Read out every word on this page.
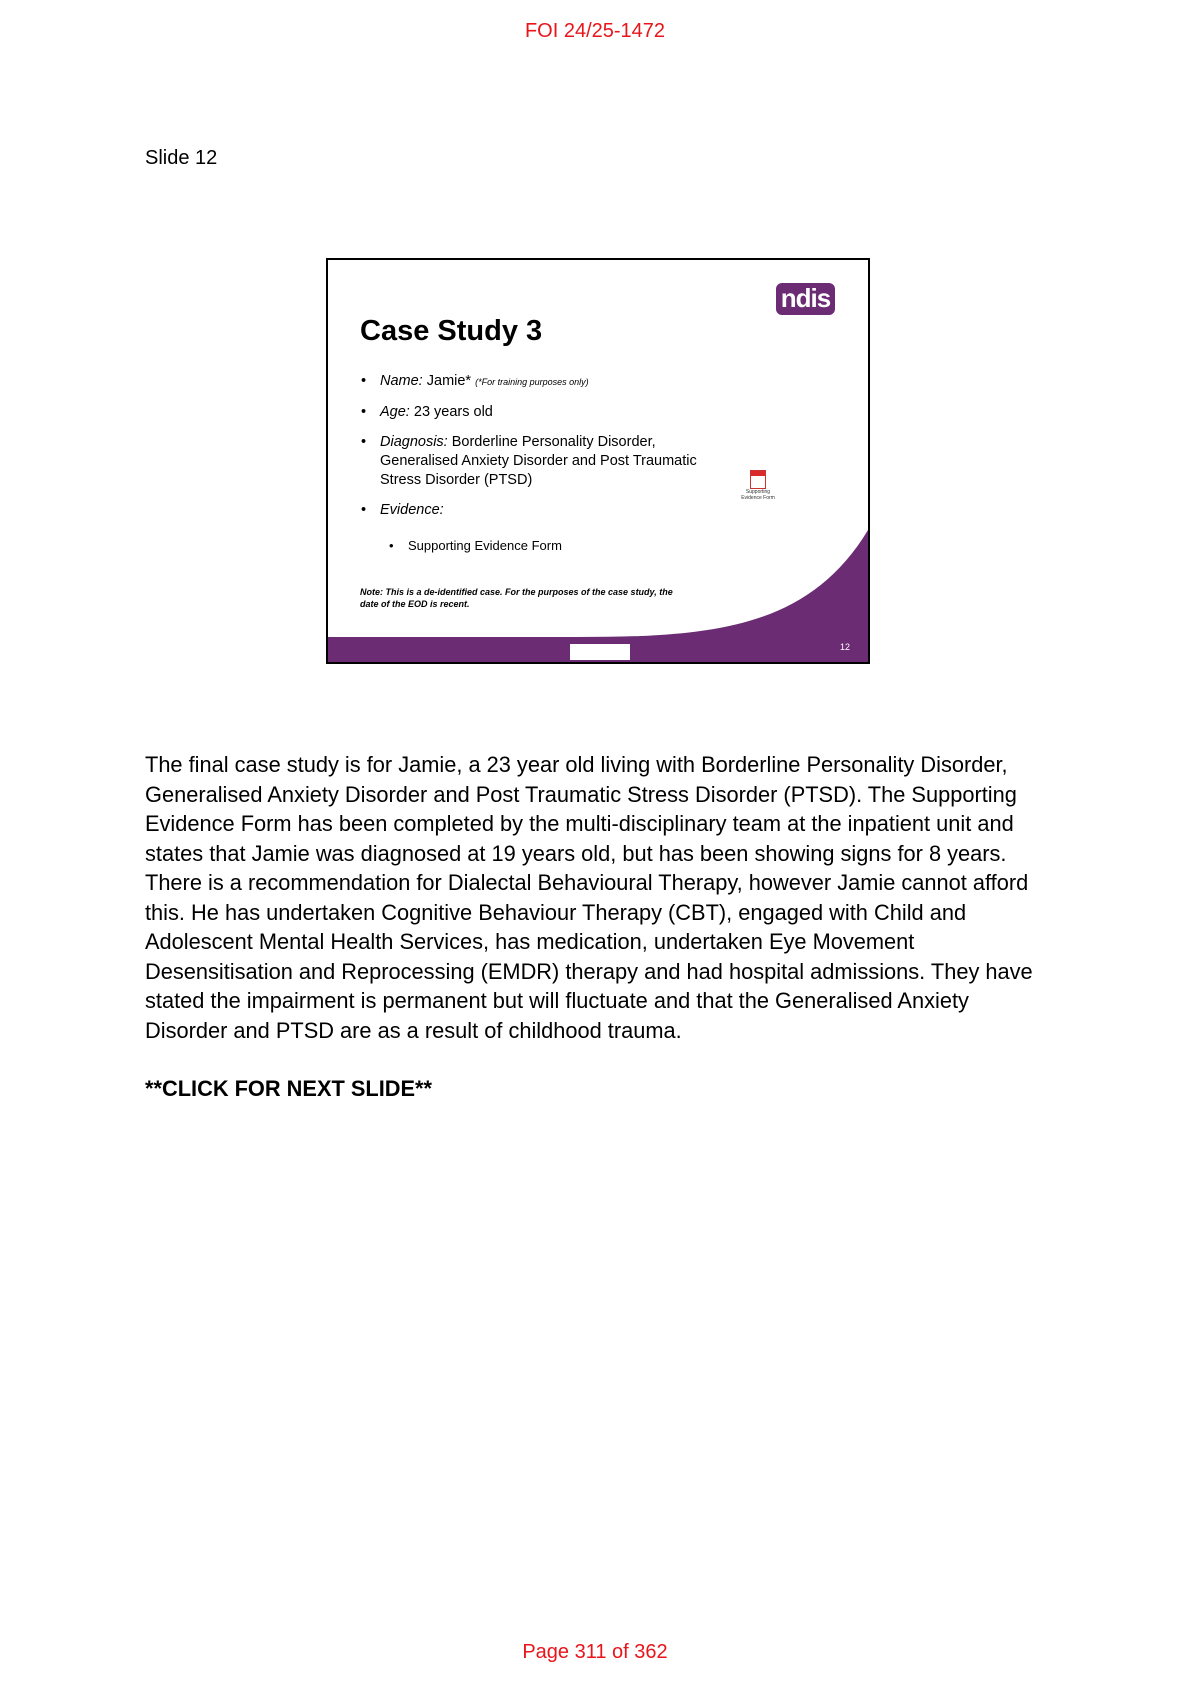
FOI 24/25-1472
Slide 12
ndis
Case Study 3
• Name: Jamie* (*For training purposes only)
• Age: 23 years old
• Diagnosis: Borderline Personality Disorder, Generalised Anxiety Disorder and Post Traumatic Stress Disorder (PTSD)
• Evidence:
• Supporting Evidence Form
Supporting Evidence Form
Note: This is a de-identified case. For the purposes of the case study, the date of the EOD is recent.
12
The final case study is for Jamie, a 23 year old living with Borderline Personality Disorder, Generalised Anxiety Disorder and Post Traumatic Stress Disorder (PTSD). The Supporting Evidence Form has been completed by the multi-disciplinary team at the inpatient unit and states that Jamie was diagnosed at 19 years old, but has been showing signs for 8 years. There is a recommendation for Dialectal Behavioural Therapy, however Jamie cannot afford this. He has undertaken Cognitive Behaviour Therapy (CBT), engaged with Child and Adolescent Mental Health Services, has medication, undertaken Eye Movement Desensitisation and Reprocessing (EMDR) therapy and had hospital admissions. They have stated the impairment is permanent but will fluctuate and that the Generalised Anxiety Disorder and PTSD are as a result of childhood trauma.
**CLICK FOR NEXT SLIDE**
Page 311 of 362
